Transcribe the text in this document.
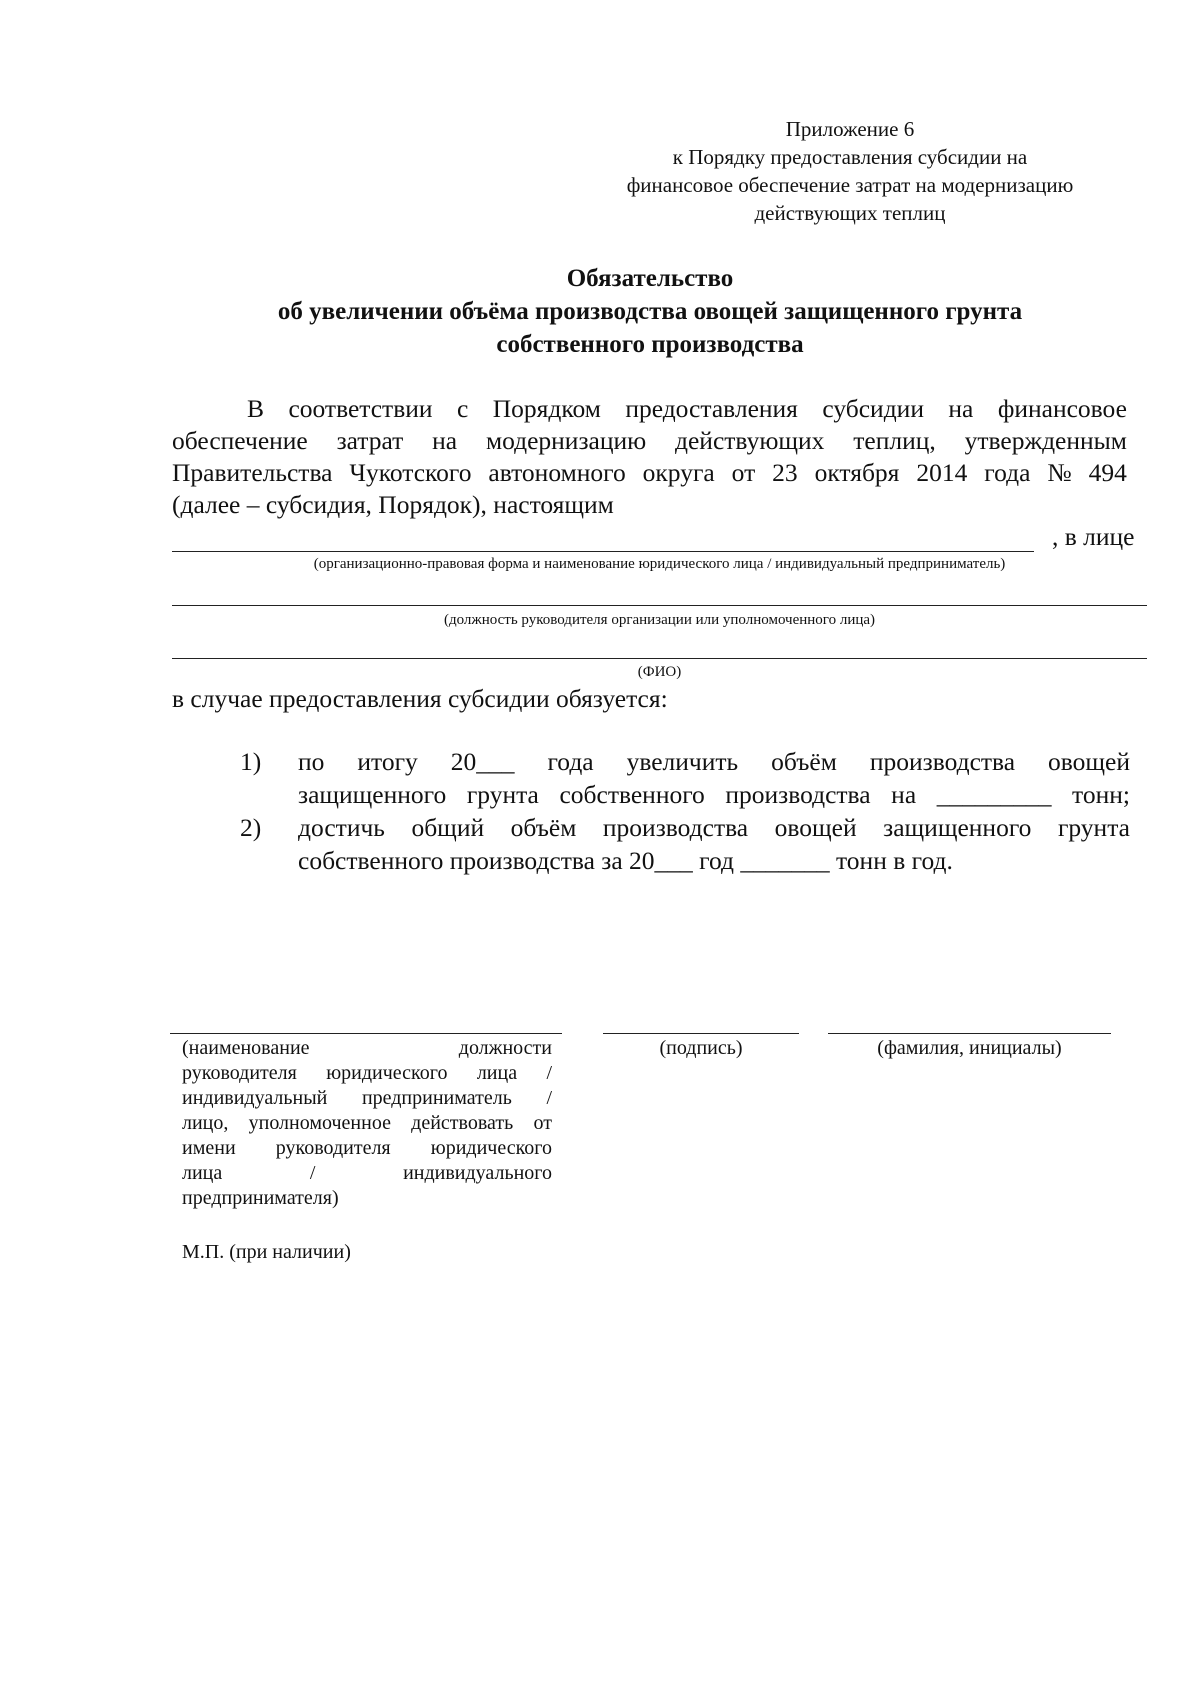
Приложение 6
к Порядку предоставления субсидии на
финансовое обеспечение затрат на модернизацию
действующих теплиц
Обязательство
об увеличении объёма производства овощей защищенного грунта
собственного производства
В соответствии с Порядком предоставления субсидии на финансовое
обеспечение затрат на модернизацию действующих теплиц, утвержденным
Правительства Чукотского автономного округа от 23 октября 2014 года № 494
(далее – субсидия, Порядок), настоящим
, в лице
(организационно-правовая форма и наименование юридического лица / индивидуальный предприниматель)
(должность руководителя организации или уполномоченного лица)
(ФИО)
в случае предоставления субсидии обязуется:
1) по итогу 20___ года увеличить объём производства овощей
защищенного грунта собственного производства на _________ тонн;
2) достичь общий объём производства овощей защищенного грунта
собственного производства за 20___ год _______ тонн в год.
(наименование	должности
руководителя юридического лица /
индивидуальный предприниматель /
лицо, уполномоченное действовать от
имени руководителя юридического
лица	/	индивидуального
предпринимателя)
(подпись)	(фамилия, инициалы)
М.П. (при наличии)
